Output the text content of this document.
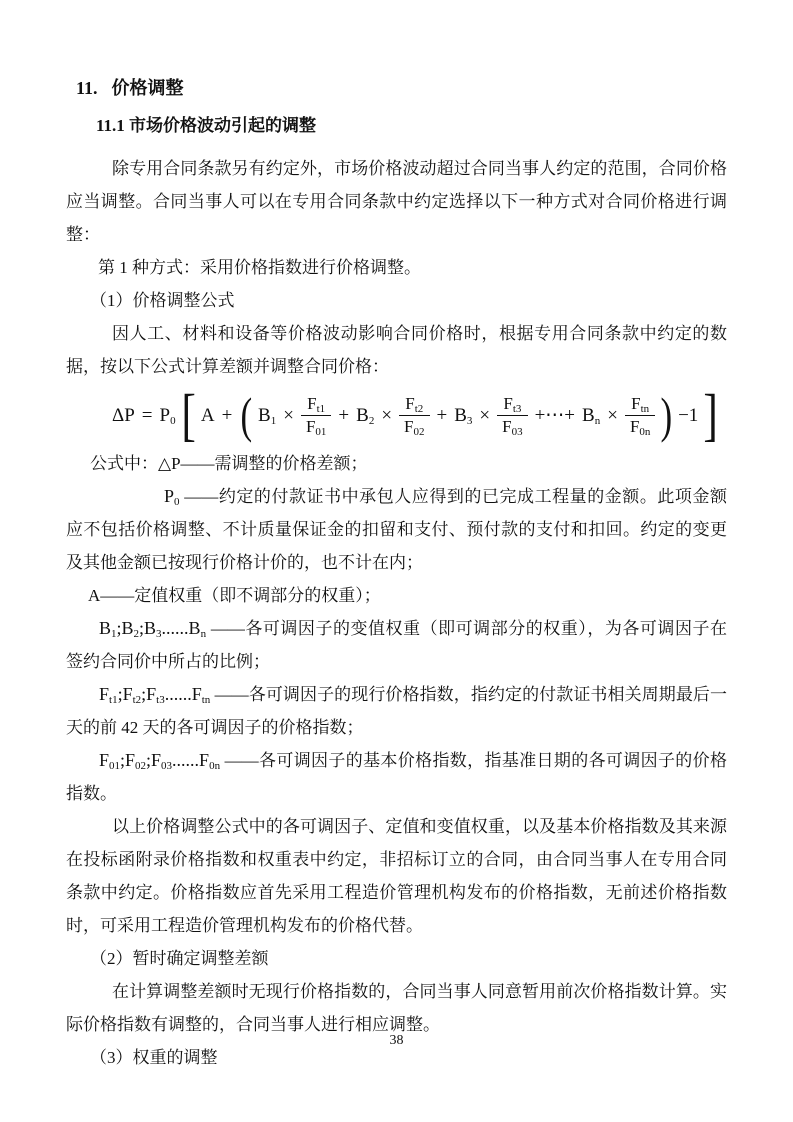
11. 价格调整
11.1 市场价格波动引起的调整

除专用合同条款另有约定外，市场价格波动超过合同当事人约定的范围，合同价格应当调整。合同当事人可以在专用合同条款中约定选择以下一种方式对合同价格进行调整：

第 1 种方式：采用价格指数进行价格调整。

（1）价格调整公式

因人工、材料和设备等价格波动影响合同价格时，根据专用合同条款中约定的数据，按以下公式计算差额并调整合同价格：

$\Delta P = P_0$ [ A + ( $B_1 \times \frac{F_{t1}}{F_{01}} + B_2 \times \frac{F_{t2}}{F_{02}} + B_3 \times \frac{F_{t3}}{F_{03}}$ +⋯+ $B_n \times \frac{F_{tn}}{F_{0n}}$ ) −1 ]

公式中：△P——需调整的价格差额；

$P_0$ ——约定的付款证书中承包人应得到的已完成工程量的金额。此项金额应不包括价格调整、不计质量保证金的扣留和支付、预付款的支付和扣回。约定的变更及其他金额已按现行价格计价的，也不计在内；

A——定值权重（即不调部分的权重）；

$B_1;B_2;B_3......B_n$ ——各可调因子的变值权重（即可调部分的权重），为各可调因子在签约合同价中所占的比例；

$F_{t1};F_{t2};F_{t3}......F_{tn}$ ——各可调因子的现行价格指数，指约定的付款证书相关周期最后一天的前 42 天的各可调因子的价格指数；

$F_{01};F_{02};F_{03}......F_{0n}$ ——各可调因子的基本价格指数，指基准日期的各可调因子的价格指数。

以上价格调整公式中的各可调因子、定值和变值权重，以及基本价格指数及其来源在投标函附录价格指数和权重表中约定，非招标订立的合同，由合同当事人在专用合同条款中约定。价格指数应首先采用工程造价管理机构发布的价格指数，无前述价格指数时，可采用工程造价管理机构发布的价格代替。

（2）暂时确定调整差额

在计算调整差额时无现行价格指数的，合同当事人同意暂用前次价格指数计算。实际价格指数有调整的，合同当事人进行相应调整。

（3）权重的调整

38
